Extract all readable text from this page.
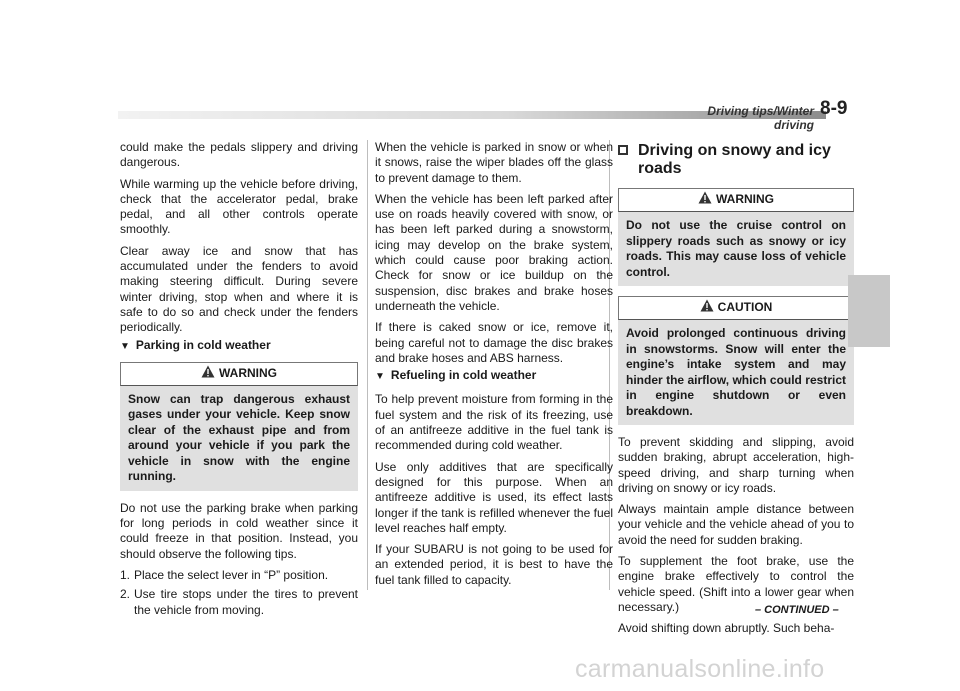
Driving tips/Winter driving
8-9

could make the pedals slippery and driving dangerous.

While warming up the vehicle before driving, check that the accelerator pedal, brake pedal, and all other controls operate smoothly.

Clear away ice and snow that has accumulated under the fenders to avoid making steering difficult. During severe winter driving, stop when and where it is safe to do so and check under the fenders periodically.

▼ Parking in cold weather
WARNING

Snow can trap dangerous exhaust gases under your vehicle. Keep snow clear of the exhaust pipe and from around your vehicle if you park the vehicle in snow with the engine running.

Do not use the parking brake when parking for long periods in cold weather since it could freeze in that position. Instead, you should observe the following tips.

1. Place the select lever in “P” position.
2. Use tire stops under the tires to prevent the vehicle from moving.

When the vehicle is parked in snow or when it snows, raise the wiper blades off the glass to prevent damage to them.

When the vehicle has been left parked after use on roads heavily covered with snow, or has been left parked during a snowstorm, icing may develop on the brake system, which could cause poor braking action. Check for snow or ice buildup on the suspension, disc brakes and brake hoses underneath the vehicle.

If there is caked snow or ice, remove it, being careful not to damage the disc brakes and brake hoses and ABS harness.

▼ Refueling in cold weather

To help prevent moisture from forming in the fuel system and the risk of its freezing, use of an antifreeze additive in the fuel tank is recommended during cold weather.

Use only additives that are specifically designed for this purpose. When an antifreeze additive is used, its effect lasts longer if the tank is refilled whenever the fuel level reaches half empty.

If your SUBARU is not going to be used for an extended period, it is best to have the fuel tank filled to capacity.

Driving on snowy and icy roads
WARNING

Do not use the cruise control on slippery roads such as snowy or icy roads. This may cause loss of vehicle control.

CAUTION

Avoid prolonged continuous driving in snowstorms. Snow will enter the engine’s intake system and may hinder the airflow, which could restrict in engine shutdown or even breakdown.

To prevent skidding and slipping, avoid sudden braking, abrupt acceleration, high-speed driving, and sharp turning when driving on snowy or icy roads.

Always maintain ample distance between your vehicle and the vehicle ahead of you to avoid the need for sudden braking.

To supplement the foot brake, use the engine brake effectively to control the vehicle speed. (Shift into a lower gear when necessary.)

Avoid shifting down abruptly. Such beha-

– CONTINUED –
carmanualsonline.info
